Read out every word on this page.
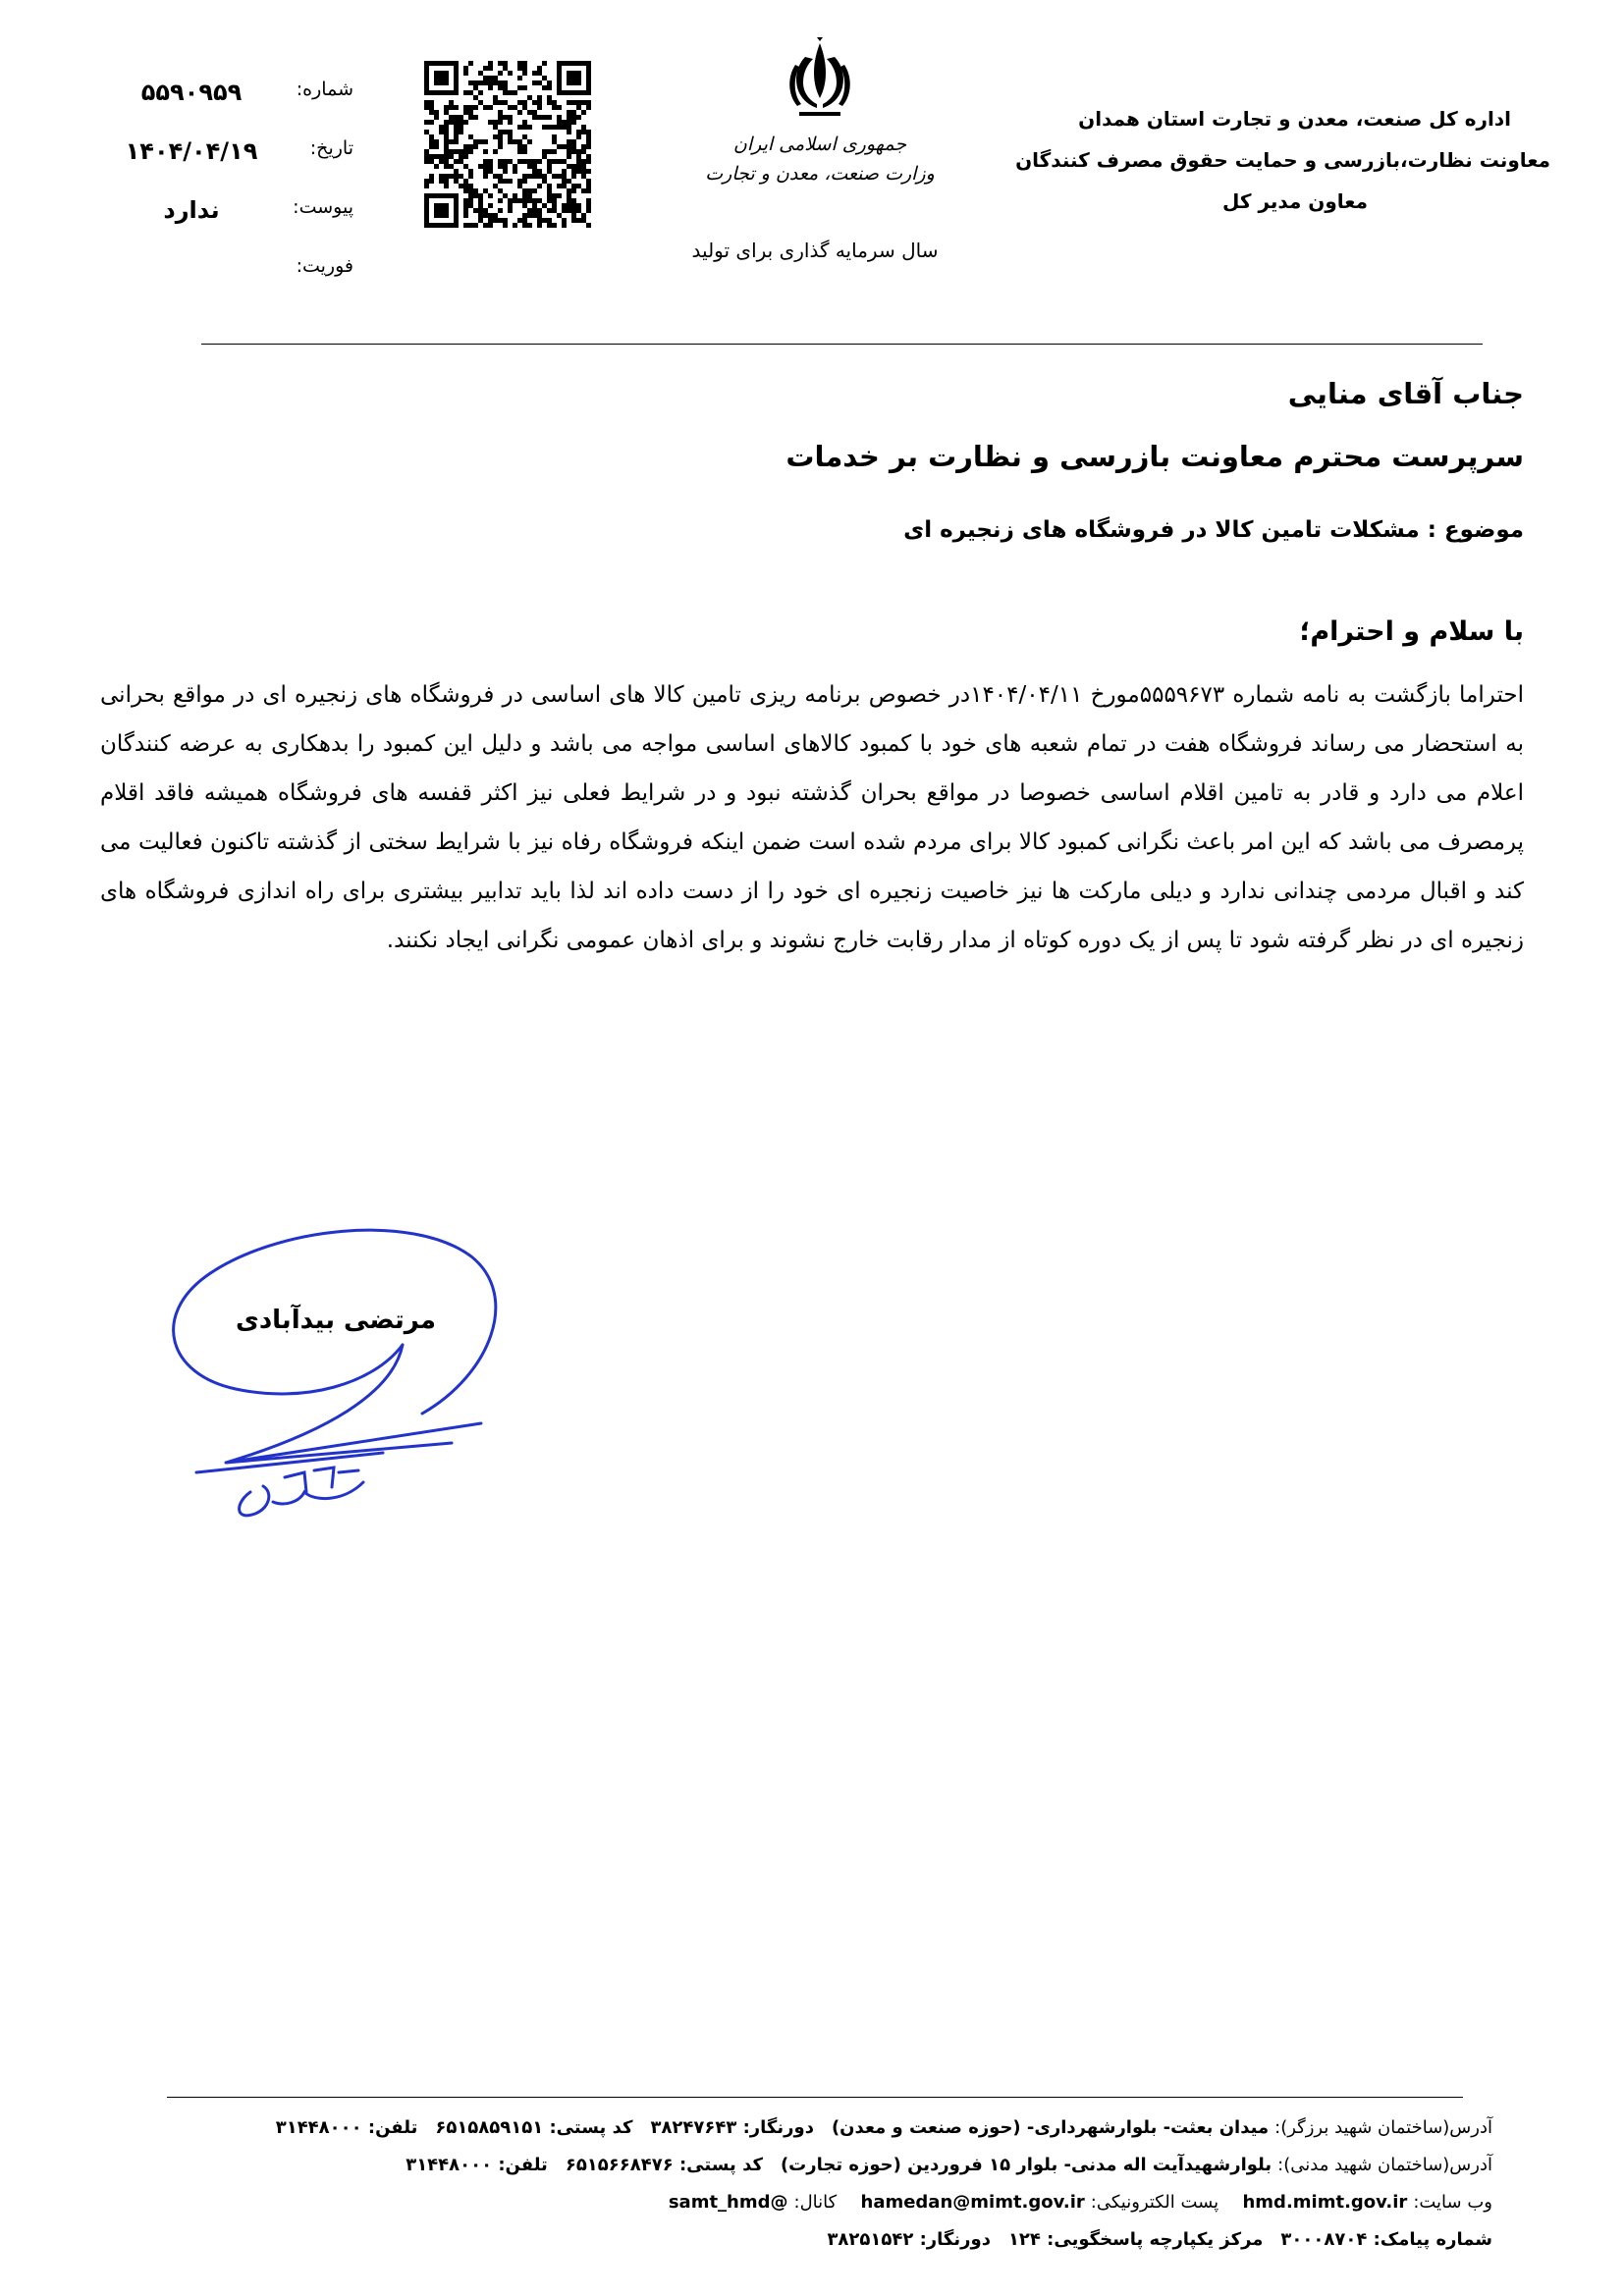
اداره کل صنعت، معدن و تجارت استان همدان
معاونت نظارت،بازرسی و حمایت حقوق مصرف کنندگان
معاون مدیر کل
جمهوری اسلامی ایران
وزارت صنعت، معدن و تجارت
سال سرمایه گذاری برای تولید
شماره:
۵۵۹۰۹۵۹
تاریخ:
۱۴۰۴/۰۴/۱۹
پیوست:
ندارد
فوریت:
جناب آقای منایی
سرپرست محترم معاونت بازرسی و نظارت بر خدمات
موضوع : مشکلات تامین کالا در فروشگاه های زنجیره ای
با سلام و احترام؛
احتراما بازگشت به نامه شماره ۵۵۵۹۶۷۳مورخ ۱۴۰۴/۰۴/۱۱در خصوص برنامه ریزی تامین کالا های اساسی در فروشگاه های زنجیره ای در مواقع بحرانی به استحضار می رساند فروشگاه هفت در تمام شعبه های خود با کمبود کالاهای اساسی مواجه می باشد و دلیل این کمبود را بدهکاری به عرضه کنندگان اعلام می دارد و قادر به تامین اقلام اساسی خصوصا در مواقع بحران گذشته نبود و در شرایط فعلی نیز اکثر قفسه های فروشگاه همیشه فاقد اقلام پرمصرف می باشد که این امر باعث نگرانی کمبود کالا برای مردم شده است ضمن اینکه فروشگاه رفاه نیز با شرایط سختی از گذشته تاکنون فعالیت می کند و اقبال مردمی چندانی ندارد و دیلی مارکت ها نیز خاصیت زنجیره ای خود را از دست داده اند لذا باید تدابیر بیشتری برای راه اندازی فروشگاه های زنجیره ای در نظر گرفته شود تا پس از یک دوره کوتاه از مدار رقابت خارج نشوند و برای اذهان عمومی نگرانی ایجاد نکنند.
مرتضی بیدآبادی
آدرس(ساختمان شهید برزگر):میدان بعثت- بلوارشهرداری- (حوزه صنعت و معدن)دورنگار: ۳۸۲۴۷۶۴۳کد پستی: ۶۵۱۵۸۵۹۱۵۱تلفن: ۳۱۴۴۸۰۰۰
آدرس(ساختمان شهید مدنی):بلوارشهیدآیت اله مدنی- بلوار ۱۵ فروردین (حوزه تجارت)کد پستی: ۶۵۱۵۶۶۸۴۷۶تلفن: ۳۱۴۴۸۰۰۰
وب سایت:hmd.mimt.gov.ir پست الکترونیکی:hamedan@mimt.gov.ir کانال:@samt_hmd
شماره پیامک: ۳۰۰۰۸۷۰۴مرکز یکپارچه پاسخگویی: ۱۲۴دورنگار: ۳۸۲۵۱۵۴۲
